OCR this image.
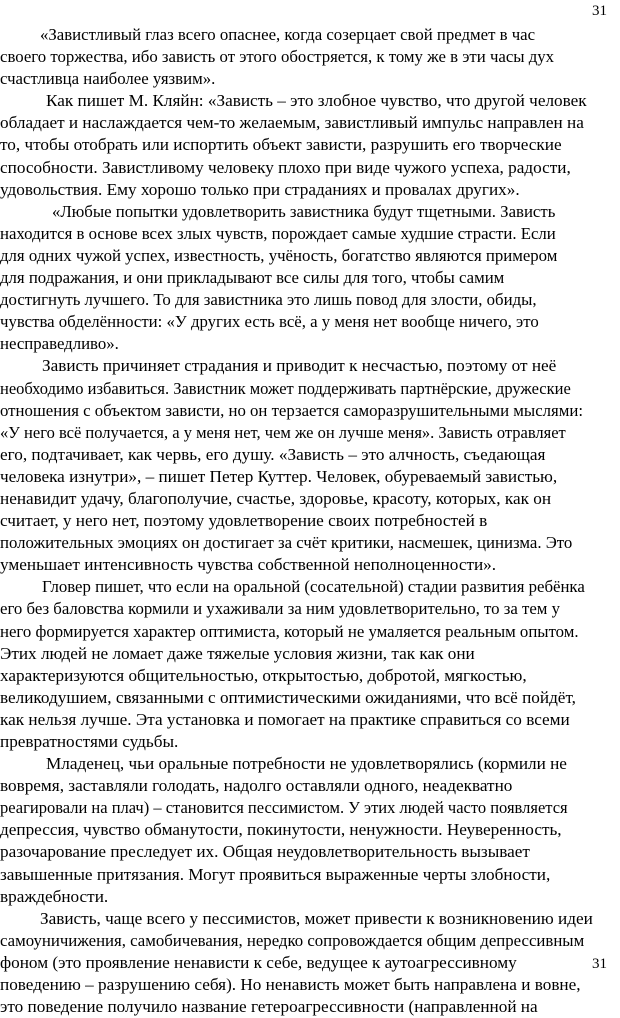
31
«Завистливый глаз всего опаснее, когда созерцает свой предмет в час
своего торжества, ибо зависть от этого обостряется, к тому же в эти часы дух
счастливца наиболее уязвим».
Как пишет М. Кляйн: «Зависть – это злобное чувство, что другой человек
обладает и наслаждается чем-то желаемым, завистливый импульс направлен на
то, чтобы отобрать или испортить объект зависти, разрушить его творческие
способности. Завистливому человеку плохо при виде чужого успеха, радости,
удовольствия. Ему хорошо только при страданиях и провалах других».
«Любые попытки удовлетворить завистника будут тщетными. Зависть
находится в основе всех злых чувств, порождает самые худшие страсти. Если
для одних чужой успех, известность, учёность, богатство являются примером
для подражания, и они прикладывают все силы для того, чтобы самим
достигнуть лучшего. То для завистника это лишь повод для злости, обиды,
чувства обделённости: «У других есть всё, а у меня нет вообще ничего, это
несправедливо».
Зависть причиняет страдания и приводит к несчастью, поэтому от неё
необходимо избавиться. Завистник может поддерживать партнёрские, дружеские
отношения с объектом зависти, но он терзается саморазрушительными мыслями:
«У него всё получается, а у меня нет, чем же он лучше меня». Зависть отравляет
его, подтачивает, как червь, его душу. «Зависть – это алчность, съедающая
человека изнутри», – пишет Петер Куттер. Человек, обуреваемый завистью,
ненавидит удачу, благополучие, счастье, здоровье, красоту, которых, как он
считает, у него нет, поэтому удовлетворение своих потребностей в
положительных эмоциях он достигает за счёт критики, насмешек, цинизма. Это
уменьшает интенсивность чувства собственной неполноценности».
Гловер пишет, что если на оральной (сосательной) стадии развития ребёнка
его без баловства кормили и ухаживали за ним удовлетворительно, то за тем у
него формируется характер оптимиста, который не умаляется реальным опытом.
Этих людей не ломает даже тяжелые условия жизни, так как они
характеризуются общительностью, открытостью, добротой, мягкостью,
великодушием, связанными с оптимистическими ожиданиями, что всё пойдёт,
как нельзя лучше. Эта установка и помогает на практике справиться со всеми
превратностями судьбы.
Младенец, чьи оральные потребности не удовлетворялись (кормили не
вовремя, заставляли голодать, надолго оставляли одного, неадекватно
реагировали на плач) – становится пессимистом. У этих людей часто появляется
депрессия, чувство обманутости, покинутости, ненужности. Неуверенность,
разочарование преследует их. Общая неудовлетворительность вызывает
завышенные притязания. Могут проявиться выраженные черты злобности,
враждебности.
Зависть, чаще всего у пессимистов, может привести к возникновению идеи
самоуничижения, самобичевания, нередко сопровождается общим депрессивным
фоном (это проявление ненависти к себе, ведущее к аутоагрессивному
поведению – разрушению себя). Но ненависть может быть направлена и вовне,
это поведение получило название гетероагрессивности (направленной на
31
